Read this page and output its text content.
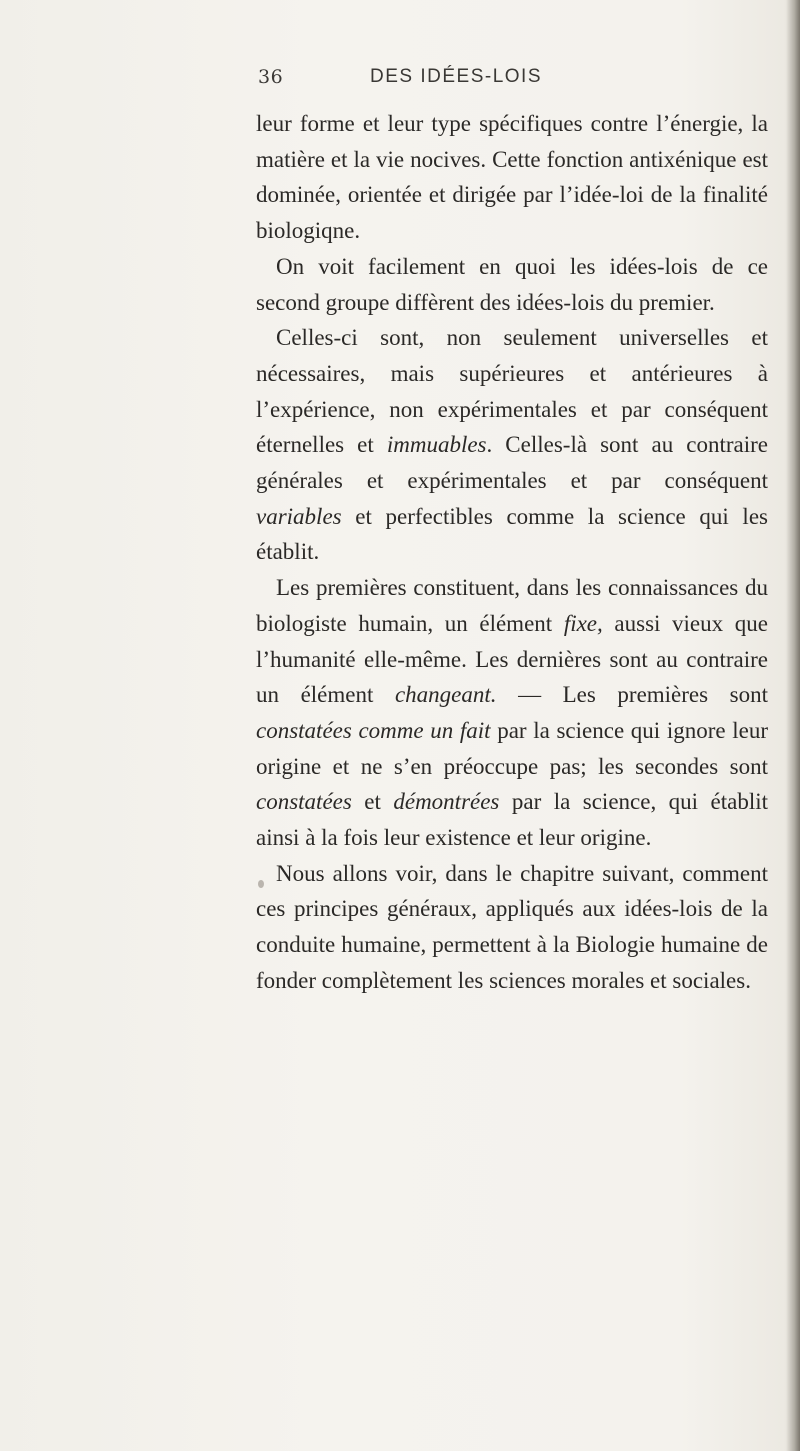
36	DES IDÉES-LOIS

leur forme et leur type spécifiques contre l’énergie, la matière et la vie nocives. Cette fonction antixénique est dominée, orientée et dirigée par l’idée-loi de la finalité biologiqne.

On voit facilement en quoi les idées-lois de ce second groupe diffèrent des idées-lois du premier.

Celles-ci sont, non seulement universelles et nécessaires, mais supérieures et antérieures à l’expérience, non expérimentales et par conséquent éternelles et immuables. Celles-là sont au contraire générales et expérimentales et par conséquent variables et perfectibles comme la science qui les établit.

Les premières constituent, dans les connaissances du biologiste humain, un élément fixe, aussi vieux que l’humanité elle-même. Les dernières sont au contraire un élément changeant. — Les premières sont constatées comme un fait par la science qui ignore leur origine et ne s’en préoccupe pas; les secondes sont constatées et démontrées par la science, qui établit ainsi à la fois leur existence et leur origine.

Nous allons voir, dans le chapitre suivant, comment ces principes généraux, appliqués aux idées-lois de la conduite humaine, permettent à la Biologie humaine de fonder complètement les sciences morales et sociales.
